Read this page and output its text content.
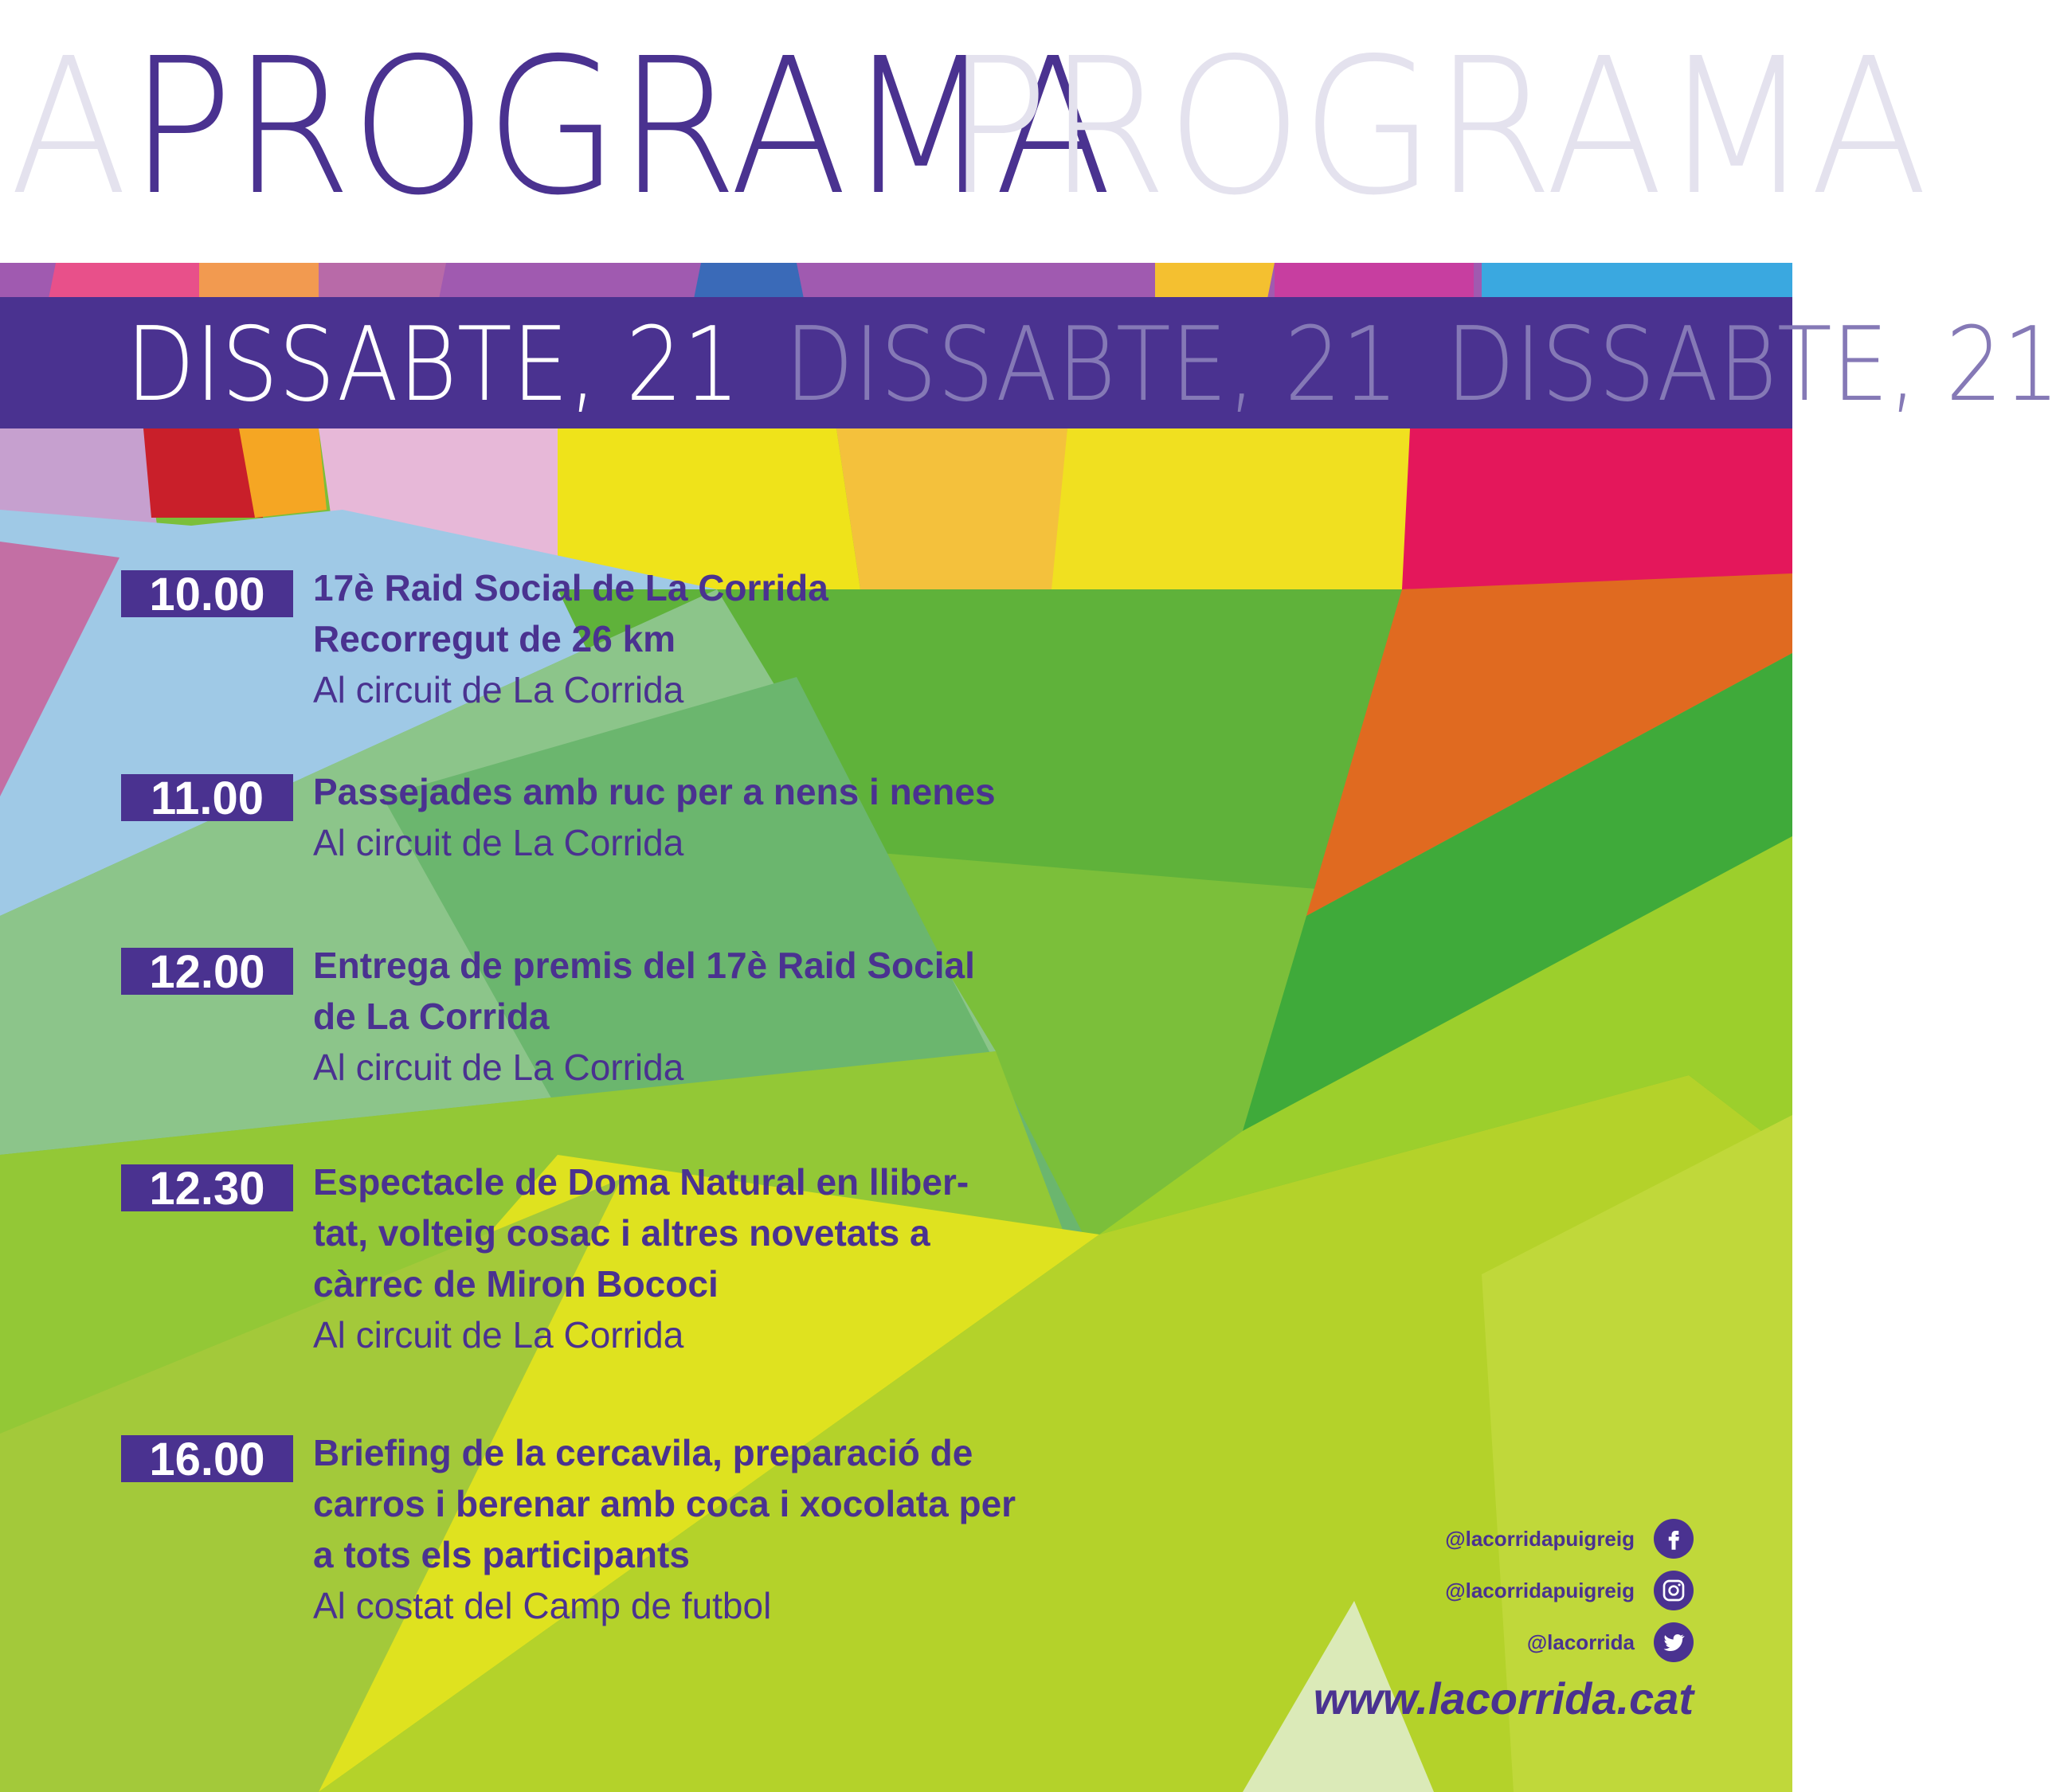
A PROGRAMA
PROGRAMA
DISSABTE, 21 DISSABTE, 21 DISSABTE, 21
10.00	17è Raid Social de La Corrida

Recorregut de 26 km

Al circuit de La Corrida

11.00	Passejades amb ruc per a nens i nenes

Al circuit de La Corrida

12.00	Entrega de premis del 17è Raid Social

de La Corrida

Al circuit de La Corrida

12.30	Espectacle de Doma Natural en lliber-

tat, volteig cosac i altres novetats a

càrrec de Miron Bococi

Al circuit de La Corrida

16.00	Briefing de la cercavila, preparació de

carros i berenar amb coca i xocolata per

a tots els participants

Al costat del Camp de futbol

@lacorridapuigreig
@lacorridapuigreig
@lacorrida
www.lacorrida.cat
